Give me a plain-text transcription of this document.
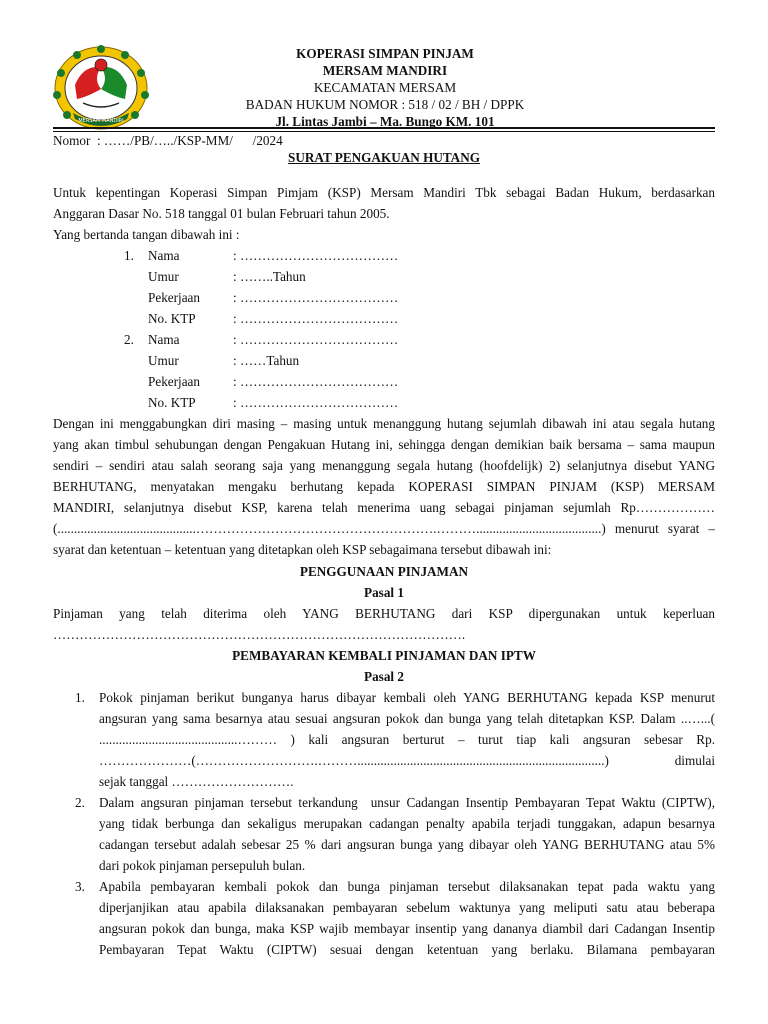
MERSAM MANDIRI
KOPERASI SIMPAN PINJAM
MERSAM MANDIRI
KECAMATAN MERSAM
BADAN HUKUM NOMOR : 518 / 02 / BH / DPPK
Jl. Lintas Jambi – Ma. Bungo KM. 101
Nomor  : ……/PB/…../KSP-MM/      /2024
SURAT PENGAKUAN HUTANG
Untuk kepentingan Koperasi Simpan Pimjam (KSP) Mersam Mandiri Tbk sebagai Badan Hukum, berdasarkan
Anggaran Dasar No. 518 tanggal 01 bulan Februari tahun 2005.
Yang bertanda tangan dibawah ini :
1. Nama	: ………………………………
Umur	: ……..Tahun
Pekerjaan	: ………………………………
No. KTP	: ………………………………
2. Nama	: ………………………………
Umur	: ……Tahun
Pekerjaan	: ………………………………
No. KTP	: ………………………………
Dengan ini menggabungkan diri masing – masing untuk menanggung hutang sejumlah dibawah ini atau segala hutang
yang akan timbul sehubungan dengan Pengakuan Hutang ini, sehingga dengan demikian baik bersama – sama maupun
sendiri – sendiri atau salah seorang saja yang menanggung segala hutang (hoofdelijk) 2) selanjutnya disebut YANG
BERHUTANG, menyatakan mengaku berhutang kepada KOPERASI SIMPAN PINJAM (KSP) MERSAM
MANDIRI, selanjutnya disebut KSP, karena telah menerima uang sebagai pinjaman sejumlah Rp………………
(..........................................……………………………………………….………......................................)  menurut  syarat  –
syarat dan ketentuan – ketentuan yang ditetapkan oleh KSP sebagaimana tersebut dibawah ini:
PENGGUNAAN PINJAMAN
Pasal 1
Pinjaman  yang  telah  diterima  oleh  YANG  BERHUTANG  dari  KSP  dipergunakan  untuk  keperluan
………………………………………………………………………………….
PEMBAYARAN KEMBALI PINJAMAN DAN IPTW
Pasal 2
1. Pokok pinjaman berikut bunganya harus dibayar kembali oleh YANG BERHUTANG kepada KSP menurut
angsuran yang sama besarnya atau sesuai angsuran pokok dan bunga yang telah ditetapkan KSP. Dalam ..…...(
..........................................……… ) kali angsuran berturut – turut tiap kali angsuran sebesar Rp.
…………………(……………………….………...........................................................................)     dimulai
sejak tanggal ……………………….
2. Dalam angsuran pinjaman tersebut terkandung  unsur Cadangan Insentip Pembayaran Tepat Waktu (CIPTW),
yang tidak berbunga dan sekaligus merupakan cadangan penalty apabila terjadi tunggakan, adapun besarnya
cadangan tersebut adalah sebesar 25 % dari angsuran bunga yang dibayar oleh YANG BERHUTANG atau 5%
dari pokok pinjaman persepuluh bulan.
3. Apabila pembayaran kembali pokok dan bunga pinjaman tersebut dilaksanakan tepat pada waktu yang
diperjanjikan atau apabila dilaksanakan pembayaran sebelum waktunya yang meliputi satu atau beberapa
angsuran pokok dan bunga, maka KSP wajib membayar insentip yang dananya diambil dari Cadangan Insentip
Pembayaran  Tepat  Waktu  (CIPTW)  sesuai  dengan  ketentuan  yang  berlaku.  Bilamana  pembayaran
